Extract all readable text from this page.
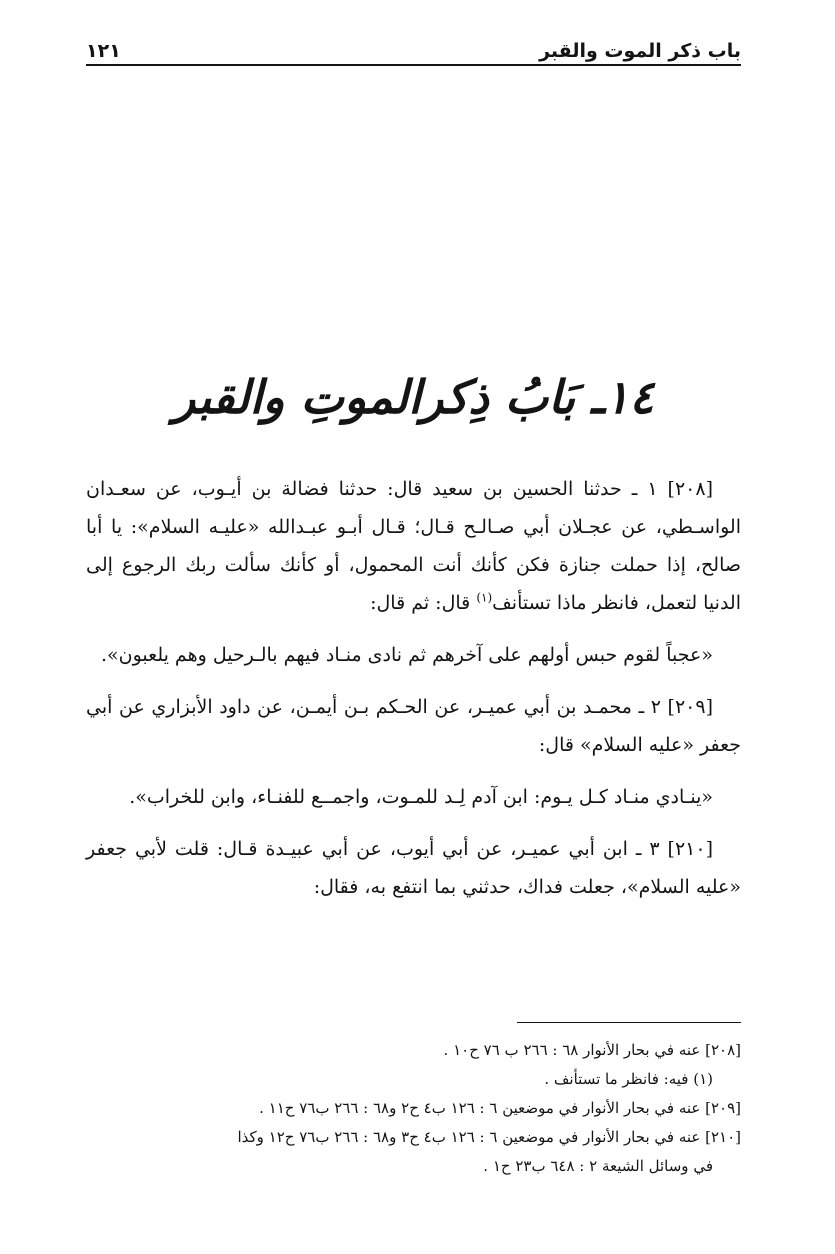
باب ذكر الموت والقبر
١٢١
١٤ـ بَابُ ذِكرالموتِ والقبر

[٢٠٨] ١ ـ حدثنا الحسين بن سعيد قال: حدثنا فضالة بن أيـوب، عن سعـدان الواسـطي، عن عجـلان أبي صـالـح قـال؛ قـال أبـو عبـدالله «عليـه السلام»: يا أبا صالح، إذا حملت جنازة فكن كأنك أنت المحمول، أو كأنك سألت ربك الرجوع إلى الدنيا لتعمل، فانظر ماذا تستأنف$^{(١)}$ قال: ثم قال:

«عجباً لقوم حبس أولهم على آخرهم ثم نادى منـاد فيهم بالـرحيل وهم يلعبون».

[٢٠٩] ٢ ـ محمـد بن أبي عميـر، عن الحـكم بـن أيمـن، عن داود الأبزاري عن أبي جعفر «عليه السلام» قال:

«ينـادي منـاد كـل يـوم: ابن آدم لِـد للمـوت، واجمــع للفنـاء، وابن للخراب».

[٢١٠] ٣ ـ ابن أبي عميـر، عن أبي أيوب، عن أبي عبيـدة قـال: قلت لأبي جعفر «عليه السلام»، جعلت فداك، حدثني بما انتفع به، فقال:

[٢٠٨] عنه في بحار الأنوار ٦٨ : ٢٦٦ ب ٧٦ ح١٠ .
(١) فيه: فانظر ما تستأنف .
[٢٠٩] عنه في بحار الأنوار في موضعين ٦ : ١٢٦ ب٤ ح٢ و٦٨ : ٢٦٦ ب٧٦ ح١١ .
[٢١٠] عنه في بحار الأنوار في موضعين ٦ : ١٢٦ ب٤ ح٣ و٦٨ : ٢٦٦ ب٧٦ ح١٢ وكذا
في وسائل الشيعة ٢ : ٦٤٨ ب٢٣ ح١ .
